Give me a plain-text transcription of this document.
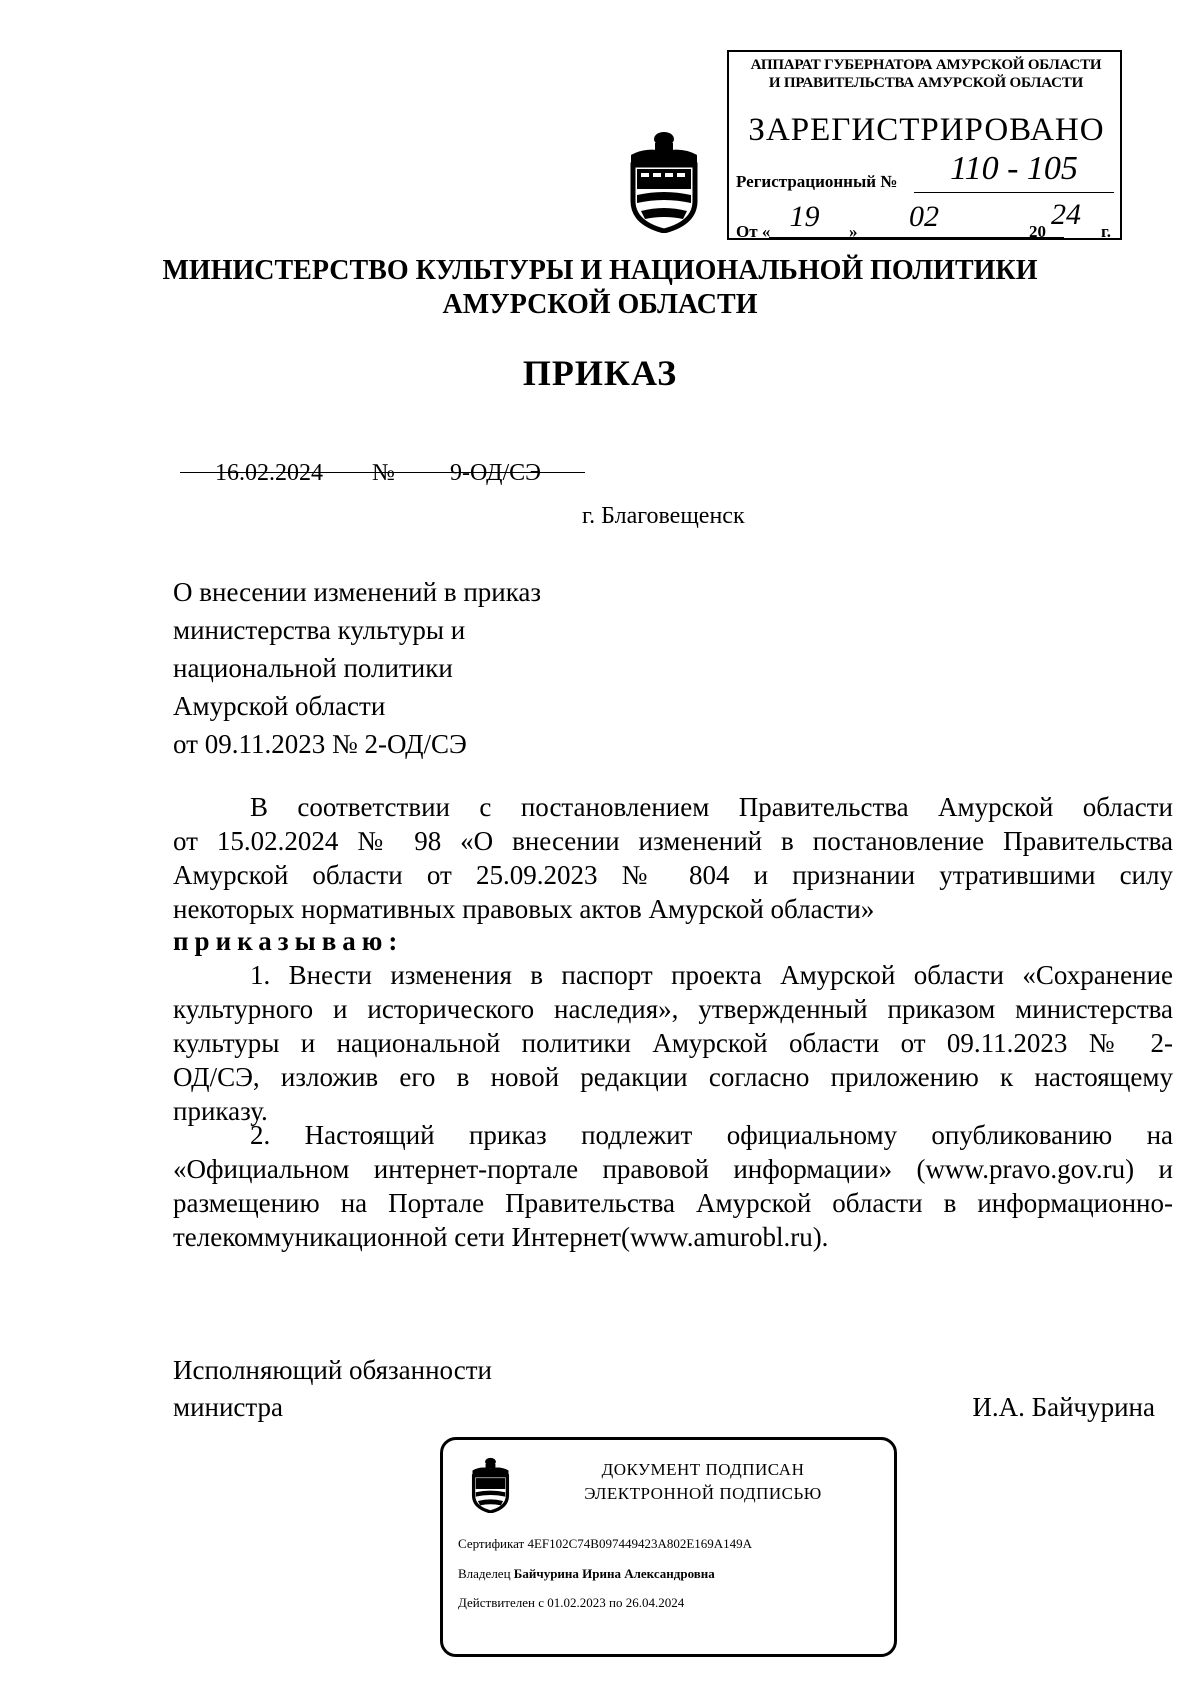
АППАРАТ ГУБЕРНАТОРА АМУРСКОЙ ОБЛАСТИ
И ПРАВИТЕЛЬСТВА АМУРСКОЙ ОБЛАСТИ
ЗАРЕГИСТРИРОВАНО
Регистрационный №	110 - 105
От « 19	»	02	20
24
г.
МИНИСТЕРСТВО КУЛЬТУРЫ И НАЦИОНАЛЬНОЙ ПОЛИТИКИ
АМУРСКОЙ ОБЛАСТИ
ПРИКАЗ
16.02.2024 № 9-ОД/СЭ
г. Благовещенск
О внесении изменений в приказ
министерства культуры и
национальной политики
Амурской области
от 09.11.2023 № 2-ОД/СЭ
В соответствии с постановлением Правительства Амурской области
от 15.02.2024 № 98 «О внесении изменений в постановление Правительства
Амурской области от 25.09.2023 № 804 и признании утратившими силу
некоторых нормативных правовых актов Амурской области»
приказываю:
1. Внести изменения в паспорт проекта Амурской области «Сохранение
культурного и исторического наследия», утвержденный приказом министерства
культуры и национальной политики Амурской области от 09.11.2023 № 2-
ОД/СЭ, изложив его в новой редакции согласно приложению к настоящему
приказу.
2. Настоящий приказ подлежит официальному опубликованию на
«Официальном интернет-портале правовой информации» (www.pravo.gov.ru) и
размещению на Портале Правительства Амурской области в информационно-
телекоммуникационной сети Интернет(www.amurobl.ru).
Исполняющий обязанности
министра	И.А. Байчурина
ДОКУМЕНТ ПОДПИСАН
ЭЛЕКТРОННОЙ ПОДПИСЬЮ
Сертификат 4EF102C74B097449423A802E169A149A
Владелец Байчурина Ирина Александровна
Действителен с 01.02.2023 по 26.04.2024
